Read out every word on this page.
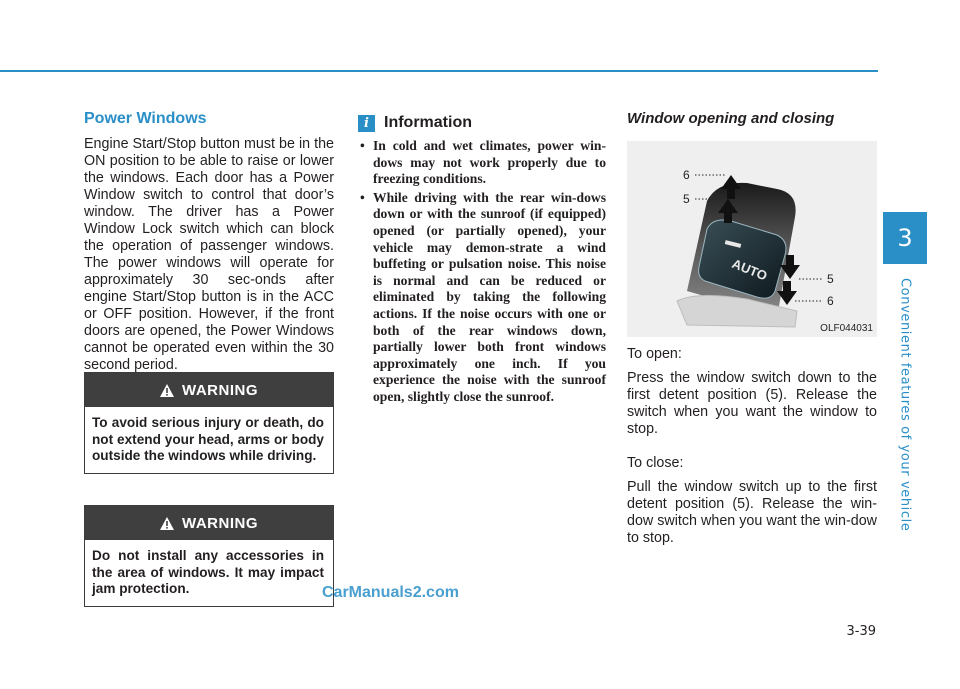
3
Convenient features of your vehicle
Power Windows

Engine Start/Stop button must be in the ON position to be able to raise or lower the windows. Each door has a Power Window switch to control that door’s window. The driver has a Power Window Lock switch which can block the operation of passenger windows. The power windows will operate for approximately 30 sec-onds after engine Start/Stop button is in the ACC or OFF position. However, if the front doors are opened, the Power Windows cannot be operated even within the 30 second period.

WARNING
To avoid serious injury or death, do not extend your head, arms or body outside the windows while driving.
WARNING
Do not install any accessories in the area of windows. It may impact jam protection.
i Information
• In cold and wet climates, power win-dows may not work properly due to freezing conditions.
• While driving with the rear win-dows down or with the sunroof (if equipped) opened (or partially opened), your vehicle may demon-strate a wind buffeting or pulsation noise. This noise is normal and can be reduced or eliminated by taking the following actions. If the noise occurs with one or both of the rear windows down, partially lower both front windows approximately one inch. If you experience the noise with the sunroof open, slightly close the sunroof.
Window opening and closing
AUTO
6
5
5
6
OLF044031

To open:

Press the window switch down to the first detent position (5). Release the switch when you want the window to stop.

To close:

Pull the window switch up to the first detent position (5). Release the win-dow switch when you want the win-dow to stop.

CarManuals2.com
3-39
